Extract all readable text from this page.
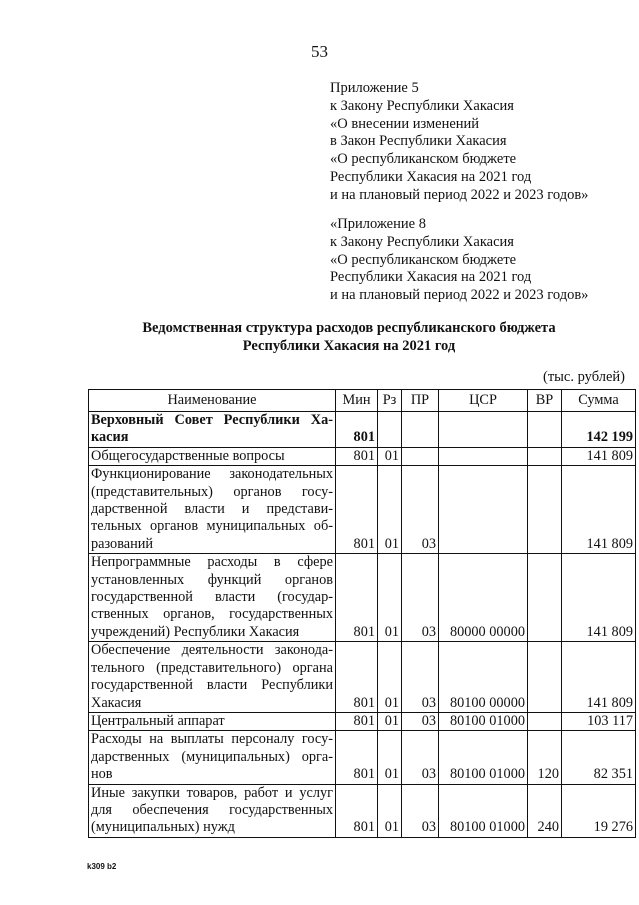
53
Приложение 5
к Закону Республики Хакасия
«О внесении изменений
в Закон Республики Хакасия
«О республиканском бюджете
Республики Хакасия на 2021 год
и на плановый период 2022 и 2023 годов»
«Приложение 8
к Закону Республики Хакасия
«О республиканском бюджете
Республики Хакасия на 2021 год
и на плановый период 2022 и 2023 годов»
Ведомственная структура расходов республиканского бюджета
Республики Хакасия на 2021 год
(тыс. рублей)
Наименование	Мин	Рз	ПР	ЦСР	ВР	Сумма

Верховный Совет Республики Ха-
касия	801					142 199

Общегосударственные вопросы	801	01				141 809

Функционирование законодательных
(представительных) органов госу-
дарственной власти и представи-
тельных органов муниципальных об-
разований	801	01	03			141 809

Непрограммные расходы в сфере
установленных функций органов
государственной власти (государ-
ственных органов, государственных
учреждений) Республики Хакасия	801	01	03	80000 00000		141 809

Обеспечение деятельности законода-
тельного (представительного) органа
государственной власти Республики
Хакасия	801	01	03	80100 00000		141 809

Центральный аппарат	801	01	03	80100 01000		103 117

Расходы на выплаты персоналу госу-
дарственных (муниципальных) орга-
нов	801	01	03	80100 01000	120	82 351

Иные закупки товаров, работ и услуг
для обеспечения государственных
(муниципальных) нужд	801	01	03	80100 01000	240	19 276
k309 b2
